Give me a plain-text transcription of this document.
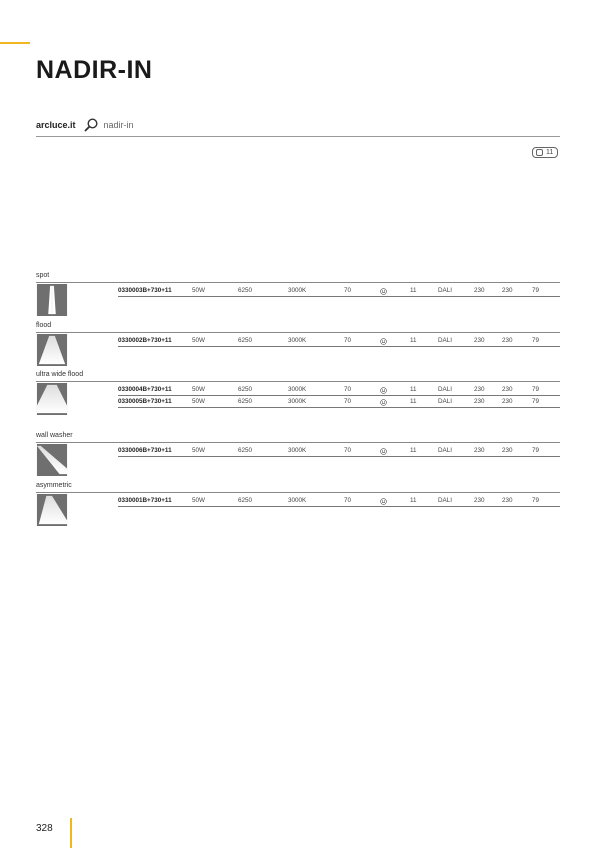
NADIR-IN
arcluce.it	nadir-in
11
spot
0330003B+730+11	50W	6250	3000K	70	11	DALI	230	230	79
flood
0330002B+730+11	50W	6250	3000K	70	11	DALI	230	230	79
ultra wide flood
0330004B+730+11	50W	6250	3000K	70	11	DALI	230	230	79
0330005B+730+11	50W	6250	3000K	70	11	DALI	230	230	79
wall washer
0330006B+730+11	50W	6250	3000K	70	11	DALI	230	230	79
asymmetric
0330001B+730+11	50W	6250	3000K	70	11	DALI	230	230	79
328
